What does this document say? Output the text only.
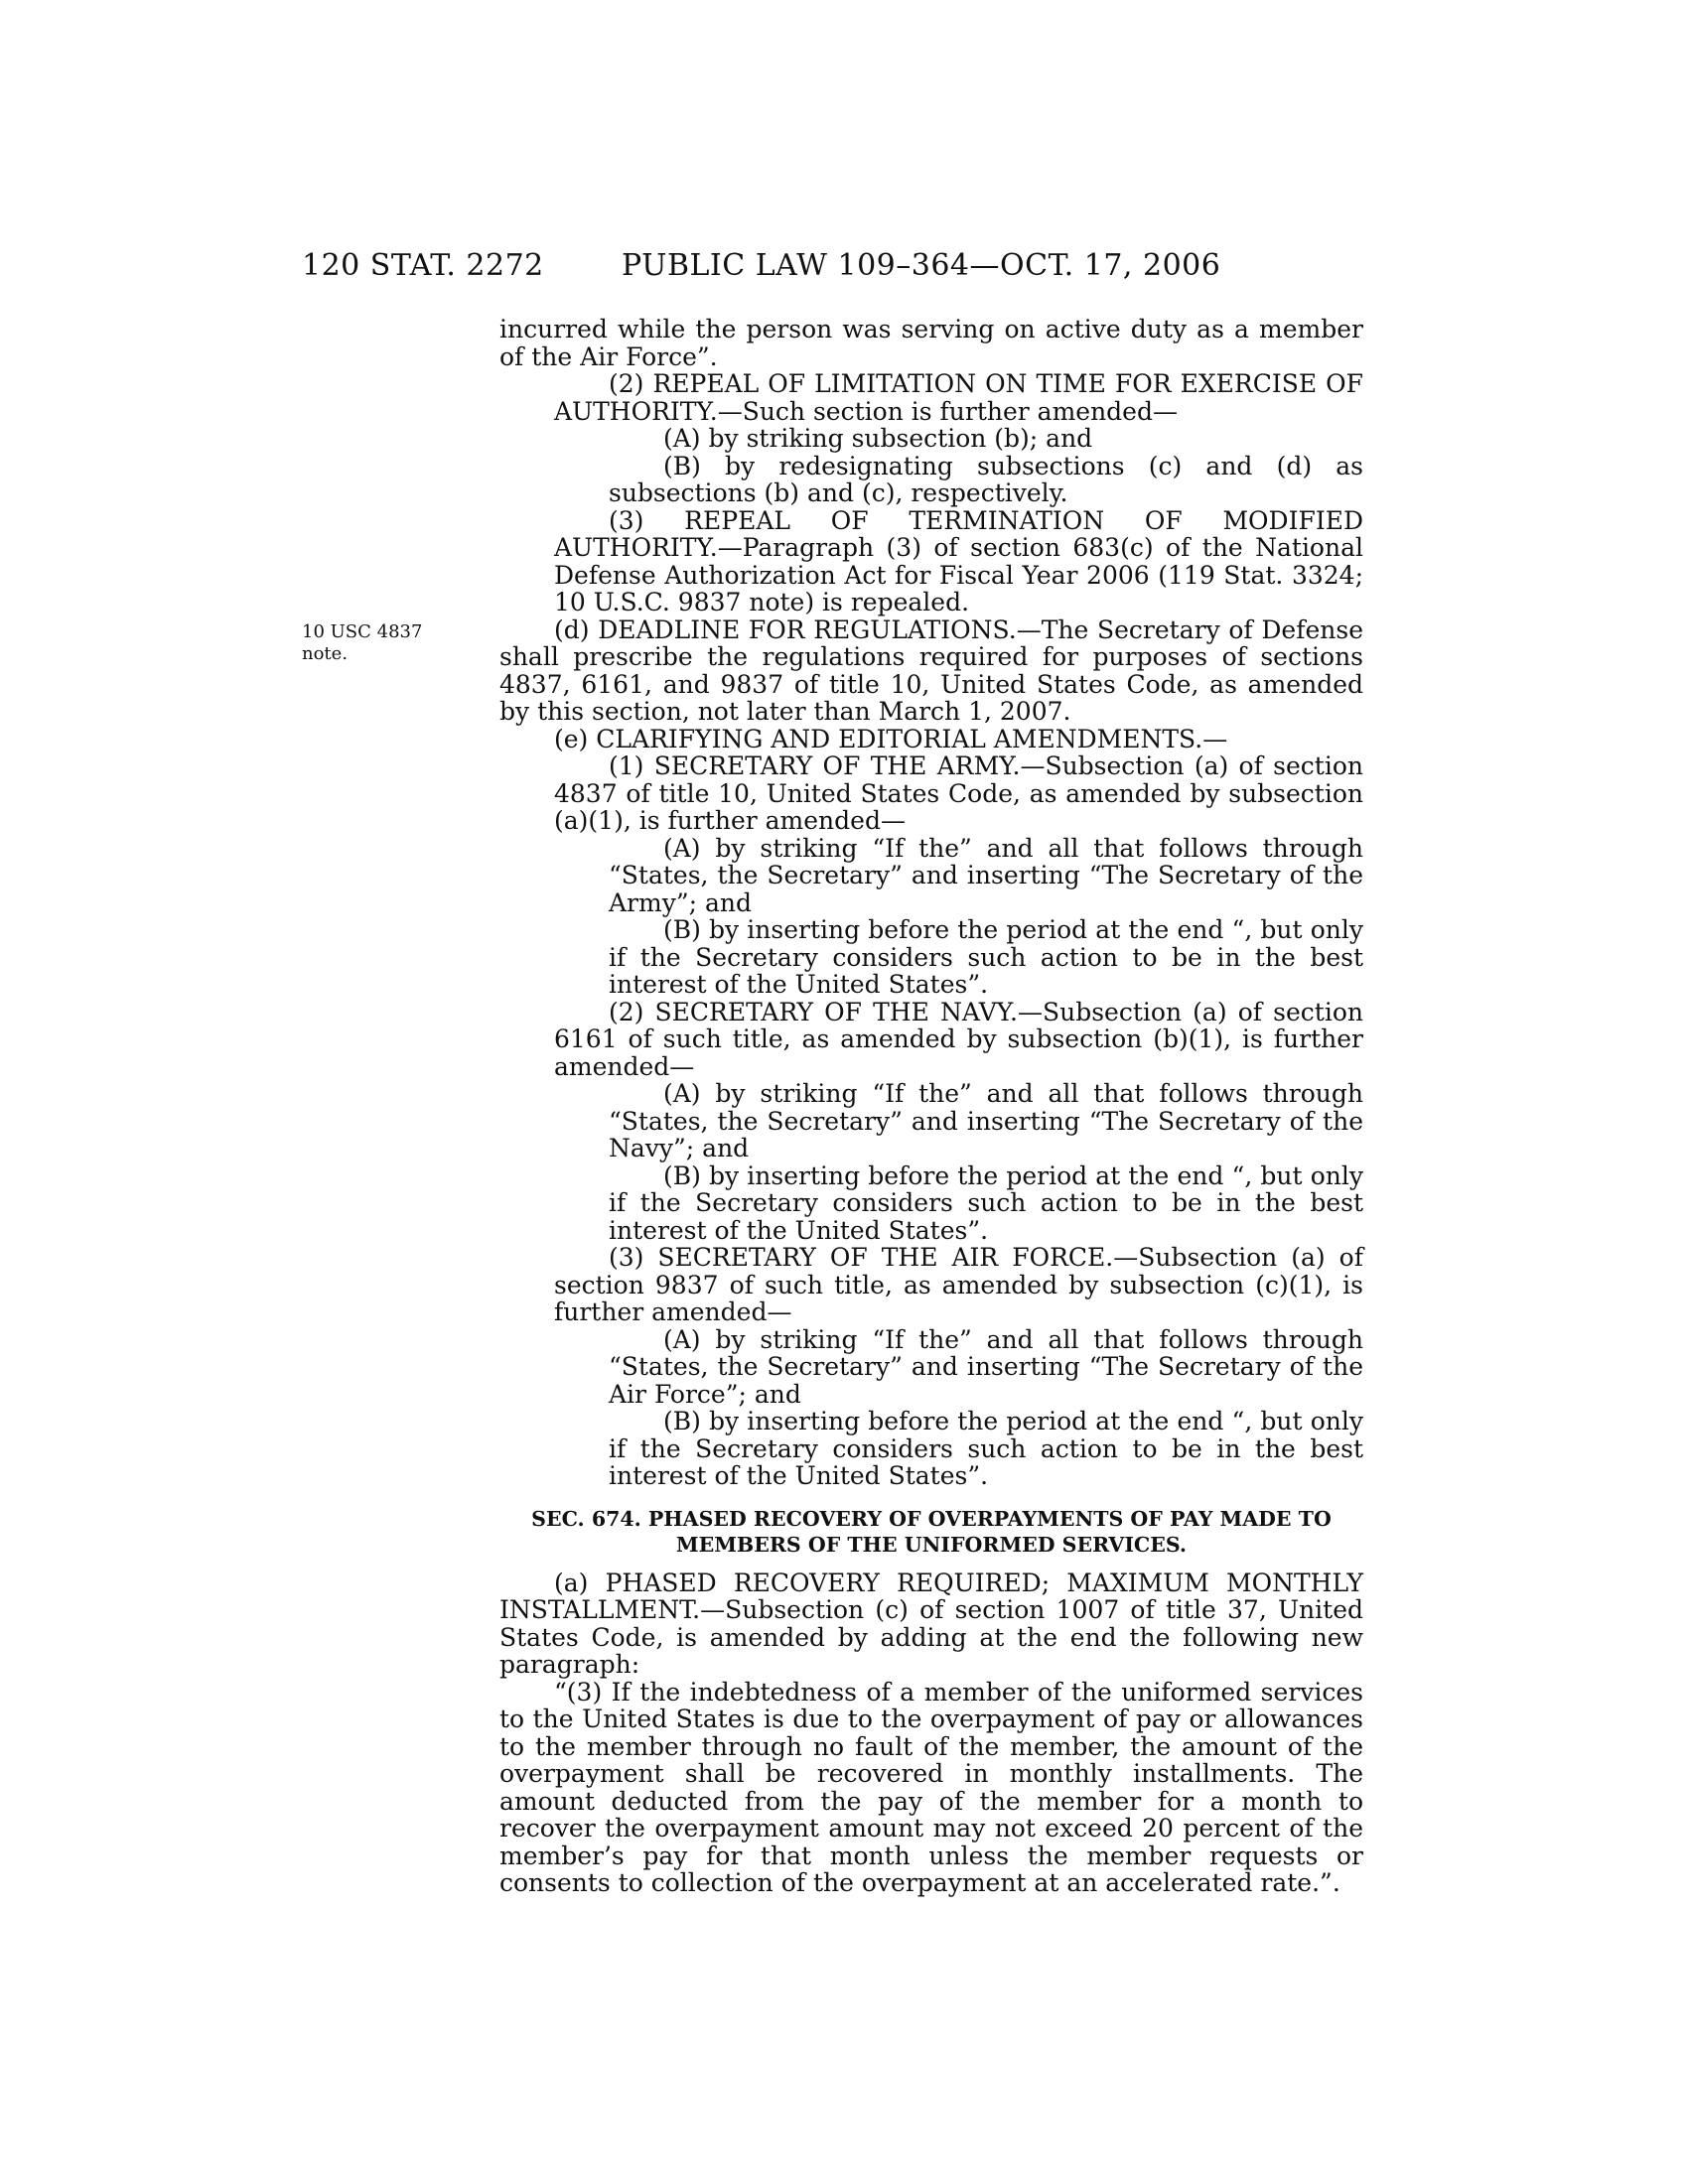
120 STAT. 2272	PUBLIC LAW 109–364—OCT. 17, 2006
10 USC 4837 note.

incurred while the person was serving on active duty as a member of the Air Force”.

(2) REPEAL OF LIMITATION ON TIME FOR EXERCISE OF AUTHORITY.—Such section is further amended—

(A) by striking subsection (b); and

(B) by redesignating subsections (c) and (d) as subsections (b) and (c), respectively.

(3) REPEAL OF TERMINATION OF MODIFIED AUTHORITY.—Paragraph (3) of section 683(c) of the National Defense Authorization Act for Fiscal Year 2006 (119 Stat. 3324; 10 U.S.C. 9837 note) is repealed.

(d) DEADLINE FOR REGULATIONS.—The Secretary of Defense shall prescribe the regulations required for purposes of sections 4837, 6161, and 9837 of title 10, United States Code, as amended by this section, not later than March 1, 2007.

(e) CLARIFYING AND EDITORIAL AMENDMENTS.—

(1) SECRETARY OF THE ARMY.—Subsection (a) of section 4837 of title 10, United States Code, as amended by subsection (a)(1), is further amended—

(A) by striking “If the” and all that follows through “States, the Secretary” and inserting “The Secretary of the Army”; and

(B) by inserting before the period at the end “, but only if the Secretary considers such action to be in the best interest of the United States”.

(2) SECRETARY OF THE NAVY.—Subsection (a) of section 6161 of such title, as amended by subsection (b)(1), is further amended—

(A) by striking “If the” and all that follows through “States, the Secretary” and inserting “The Secretary of the Navy”; and

(B) by inserting before the period at the end “, but only if the Secretary considers such action to be in the best interest of the United States”.

(3) SECRETARY OF THE AIR FORCE.—Subsection (a) of section 9837 of such title, as amended by subsection (c)(1), is further amended—

(A) by striking “If the” and all that follows through “States, the Secretary” and inserting “The Secretary of the Air Force”; and

(B) by inserting before the period at the end “, but only if the Secretary considers such action to be in the best interest of the United States”.

SEC. 674. PHASED RECOVERY OF OVERPAYMENTS OF PAY MADE TO MEMBERS OF THE UNIFORMED SERVICES.

(a) PHASED RECOVERY REQUIRED; MAXIMUM MONTHLY INSTALLMENT.—Subsection (c) of section 1007 of title 37, United States Code, is amended by adding at the end the following new paragraph:

“(3) If the indebtedness of a member of the uniformed services to the United States is due to the overpayment of pay or allowances to the member through no fault of the member, the amount of the overpayment shall be recovered in monthly installments. The amount deducted from the pay of the member for a month to recover the overpayment amount may not exceed 20 percent of the member’s pay for that month unless the member requests or consents to collection of the overpayment at an accelerated rate.”.
